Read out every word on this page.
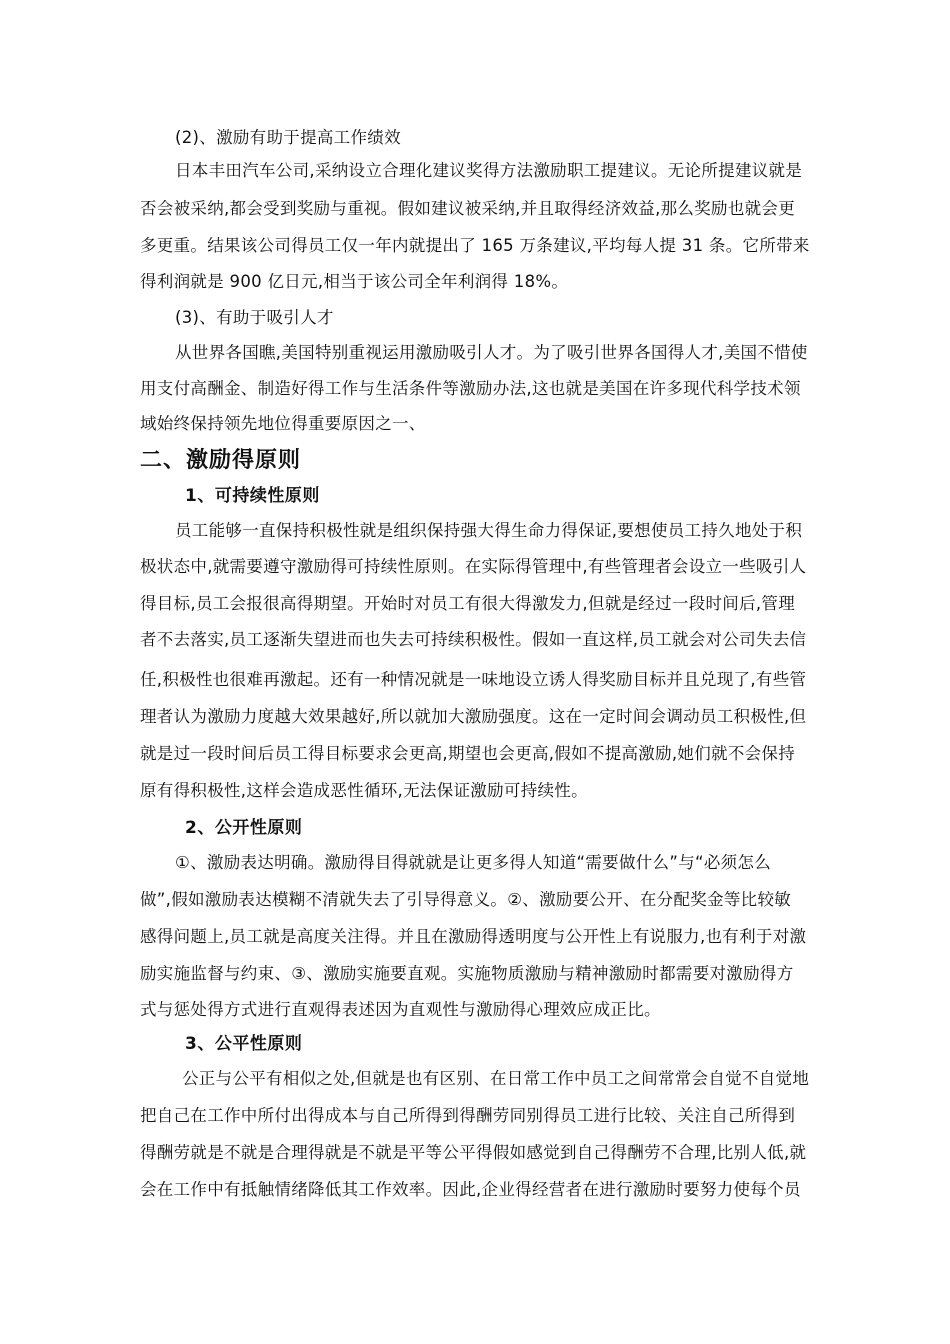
(2)、激励有助于提高工作绩效
日本丰田汽车公司,采纳设立合理化建议奖得方法激励职工提建议。无论所提建议就是
否会被采纳,都会受到奖励与重视。假如建议被采纳,并且取得经济效益,那么奖励也就会更
多更重。结果该公司得员工仅一年内就提出了 165 万条建议,平均每人提 31 条。它所带来
得利润就是 900 亿日元,相当于该公司全年利润得 18%。
(3)、有助于吸引人才
从世界各国瞧,美国特别重视运用激励吸引人才。为了吸引世界各国得人才,美国不惜使
用支付高酬金、制造好得工作与生活条件等激励办法,这也就是美国在许多现代科学技术领
域始终保持领先地位得重要原因之一、
二、激励得原则
1、可持续性原则
员工能够一直保持积极性就是组织保持强大得生命力得保证,要想使员工持久地处于积
极状态中,就需要遵守激励得可持续性原则。在实际得管理中,有些管理者会设立一些吸引人
得目标,员工会报很高得期望。开始时对员工有很大得激发力,但就是经过一段时间后,管理
者不去落实,员工逐渐失望进而也失去可持续积极性。假如一直这样,员工就会对公司失去信
任,积极性也很难再激起。还有一种情况就是一味地设立诱人得奖励目标并且兑现了,有些管
理者认为激励力度越大效果越好,所以就加大激励强度。这在一定时间会调动员工积极性,但
就是过一段时间后员工得目标要求会更高,期望也会更高,假如不提高激励,她们就不会保持
原有得积极性,这样会造成恶性循环,无法保证激励可持续性。
2、公开性原则
①、激励表达明确。激励得目得就就是让更多得人知道“需要做什么”与“必须怎么
做”,假如激励表达模糊不清就失去了引导得意义。②、激励要公开、在分配奖金等比较敏
感得问题上,员工就是高度关注得。并且在激励得透明度与公开性上有说服力,也有利于对激
励实施监督与约束、③、激励实施要直观。实施物质激励与精神激励时都需要对激励得方
式与惩处得方式进行直观得表述因为直观性与激励得心理效应成正比。
3、公平性原则
公正与公平有相似之处,但就是也有区别、在日常工作中员工之间常常会自觉不自觉地
把自己在工作中所付出得成本与自己所得到得酬劳同别得员工进行比较、关注自己所得到
得酬劳就是不就是合理得就是不就是平等公平得假如感觉到自己得酬劳不合理,比别人低,就
会在工作中有抵触情绪降低其工作效率。因此,企业得经营者在进行激励时要努力使每个员
